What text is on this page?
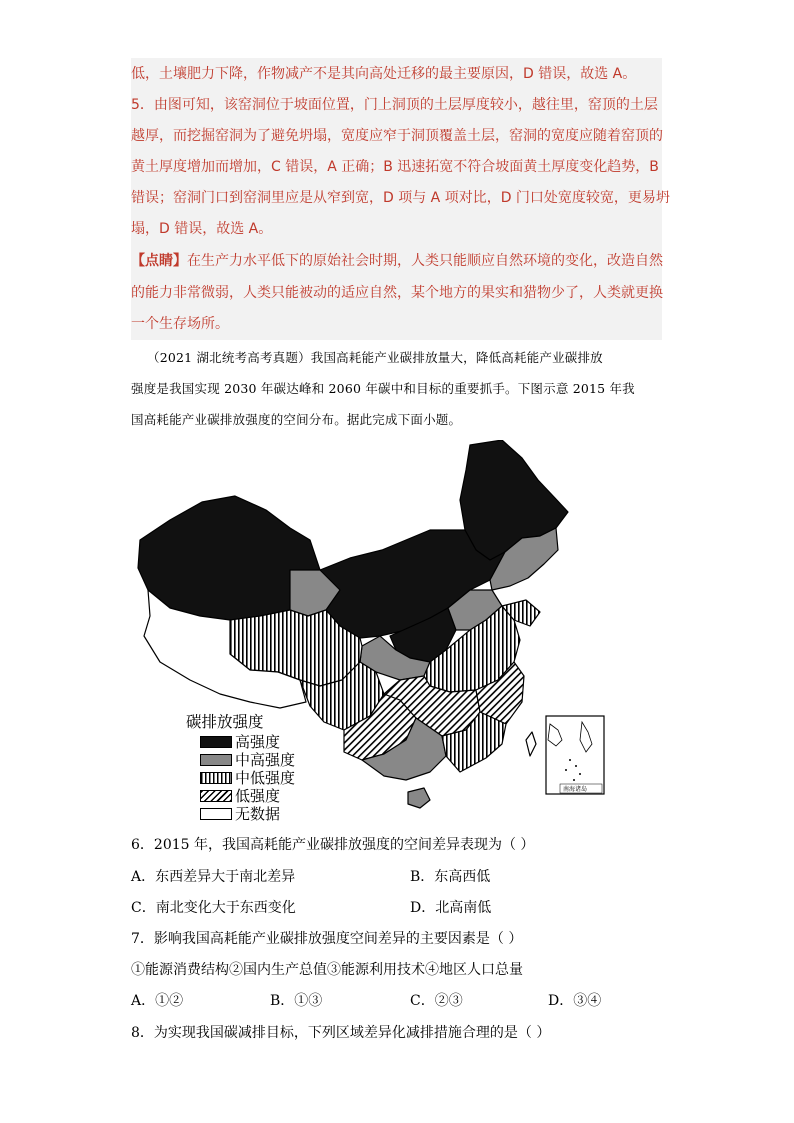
低，土壤肥力下降，作物减产不是其向高处迁移的最主要原因，D 错误，故选 A。
5．由图可知，该窑洞位于坡面位置，门上洞顶的土层厚度较小，越往里，窑顶的土层
越厚，而挖掘窑洞为了避免坍塌，宽度应窄于洞顶覆盖土层，窑洞的宽度应随着窑顶的
黄土厚度增加而增加，C 错误，A 正确；B 迅速拓宽不符合坡面黄土厚度变化趋势，B
错误；窑洞门口到窑洞里应是从窄到宽，D 项与 A 项对比，D 门口处宽度较宽，更易坍
塌，D 错误，故选 A。
【点睛】在生产力水平低下的原始社会时期，人类只能顺应自然环境的变化，改造自然
的能力非常微弱，人类只能被动的适应自然，某个地方的果实和猎物少了，人类就更换
一个生存场所。
（2021 湖北统考高考真题）我国高耗能产业碳排放量大，降低高耗能产业碳排放
强度是我国实现 2030 年碳达峰和 2060 年碳中和目标的重要抓手。下图示意 2015 年我
国高耗能产业碳排放强度的空间分布。据此完成下面小题。
南海诸岛
碳排放强度
高强度
中高强度
中低强度
低强度
无数据
6．2015 年，我国高耗能产业碳排放强度的空间差异表现为（ ）
A．东西差异大于南北差异	B．东高西低
C．南北变化大于东西变化	D．北高南低
7．影响我国高耗能产业碳排放强度空间差异的主要因素是（ ）
①能源消费结构②国内生产总值③能源利用技术④地区人口总量
A．①②	B．①③	C．②③	D．③④
8．为实现我国碳减排目标，下列区域差异化减排措施合理的是（ ）
